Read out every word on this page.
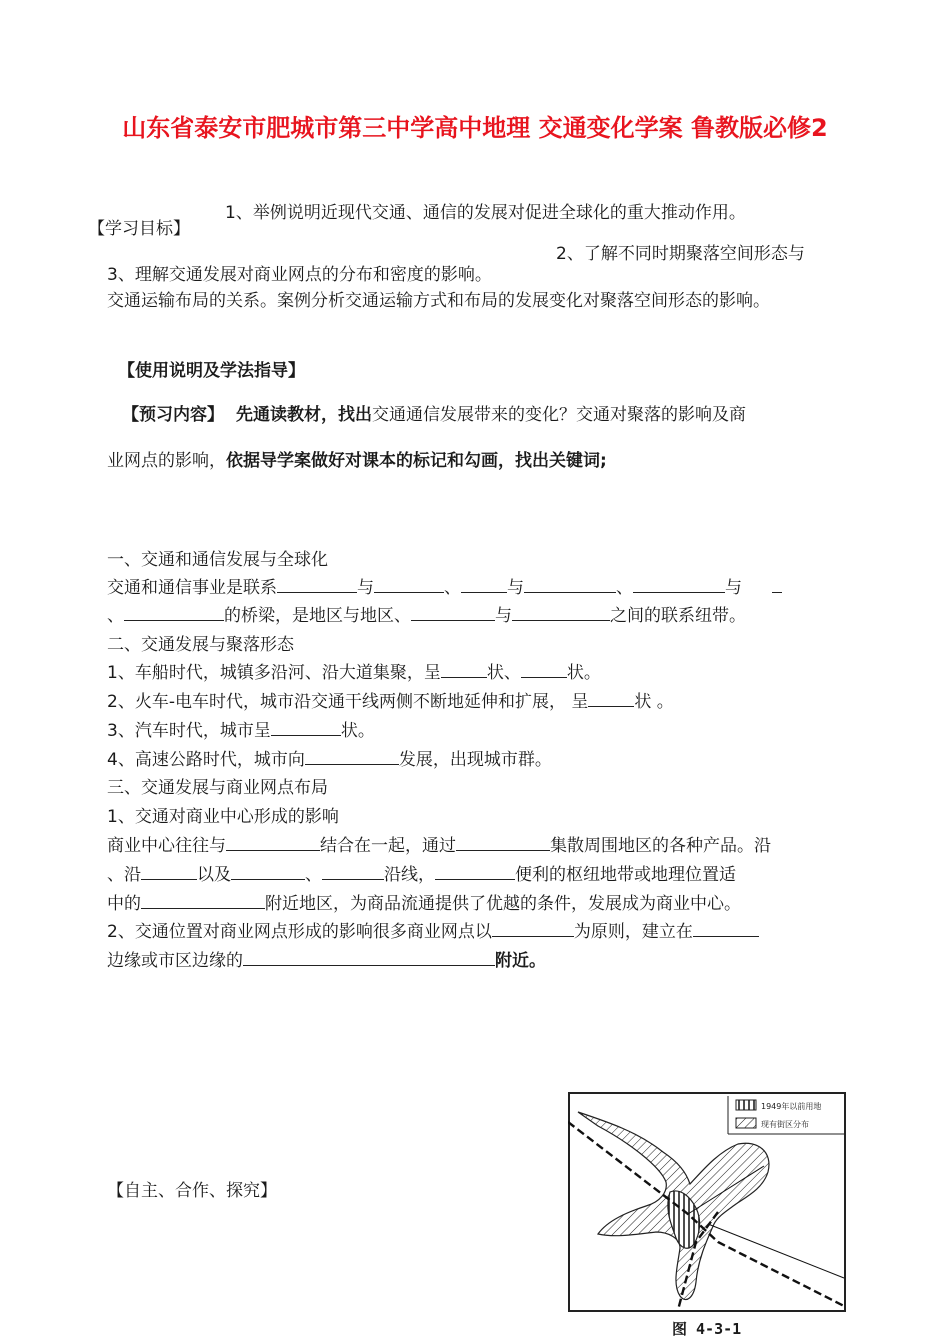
山东省泰安市肥城市第三中学高中地理 交通变化学案 鲁教版必修2
1、举例说明近现代交通、通信的发展对促进全球化的重大推动作用。
【学习目标】
2、了解不同时期聚落空间形态与
3、理解交通发展对商业网点的分布和密度的影响。
交通运输布局的关系。案例分析交通运输方式和布局的发展变化对聚落空间形态的影响。
【使用说明及学法指导】
【预习内容】 先通读教材，找出交通通信发展带来的变化？交通对聚落的影响及商
业网点的影响，依据导学案做好对课本的标记和勾画，找出关键词;
一、交通和通信发展与全球化
交通和通信事业是联系	与	、	与	、	与
、	的桥梁，是地区与地区、	与	之间的联系纽带。
二、交通发展与聚落形态
1、车船时代，城镇多沿河、沿大道集聚，呈	状、	状。
2、火车-电车时代，城市沿交通干线两侧不断地延伸和扩展， 呈	状 。
3、汽车时代，城市呈	状。
4、高速公路时代，城市向	发展，出现城市群。
三、交通发展与商业网点布局
1、交通对商业中心形成的影响
商业中心往往与	结合在一起，通过	集散周围地区的各种产品。沿
、沿	以及	、	沿线，	便利的枢纽地带或地理位置适
中的	附近地区，为商品流通提供了优越的条件，发展成为商业中心。
2、交通位置对商业网点形成的影响很多商业网点以	为原则，建立在
边缘或市区边缘的	附近。
【自主、合作、探究】
1949年以前用地
现有街区分布
图 4-3-1
